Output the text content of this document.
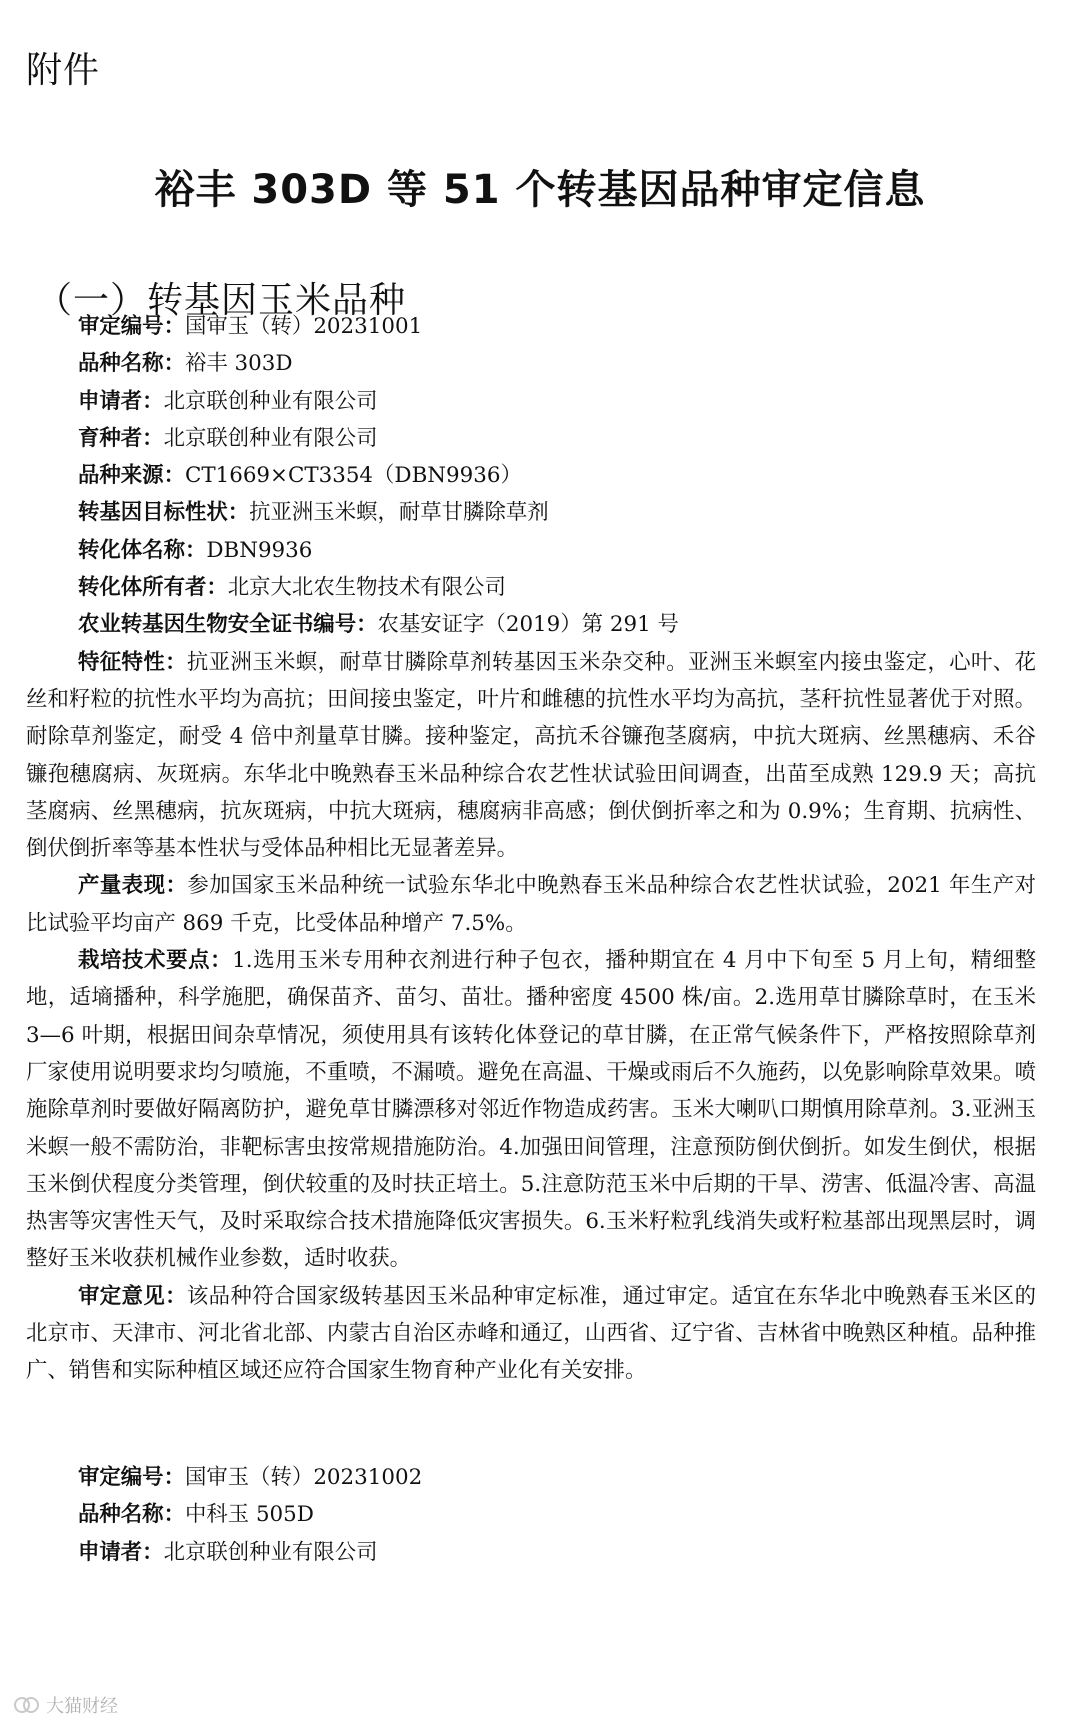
附件
裕丰 303D 等 51 个转基因品种审定信息
（一）转基因玉米品种
审定编号：国审玉（转）20231001
品种名称：裕丰 303D
申请者：北京联创种业有限公司
育种者：北京联创种业有限公司
品种来源：CT1669×CT3354（DBN9936）
转基因目标性状：抗亚洲玉米螟，耐草甘膦除草剂
转化体名称：DBN9936
转化体所有者：北京大北农生物技术有限公司
农业转基因生物安全证书编号：农基安证字（2019）第 291 号
特征特性：抗亚洲玉米螟，耐草甘膦除草剂转基因玉米杂交种。亚洲玉米螟室内接虫鉴定，心叶、花丝和籽粒的抗性水平均为高抗；田间接虫鉴定，叶片和雌穗的抗性水平均为高抗，茎秆抗性显著优于对照。耐除草剂鉴定，耐受 4 倍中剂量草甘膦。接种鉴定，高抗禾谷镰孢茎腐病，中抗大斑病、丝黑穗病、禾谷镰孢穗腐病、灰斑病。东华北中晚熟春玉米品种综合农艺性状试验田间调查，出苗至成熟 129.9 天；高抗茎腐病、丝黑穗病，抗灰斑病，中抗大斑病，穗腐病非高感；倒伏倒折率之和为 0.9%；生育期、抗病性、倒伏倒折率等基本性状与受体品种相比无显著差异。
产量表现：参加国家玉米品种统一试验东华北中晚熟春玉米品种综合农艺性状试验，2021 年生产对比试验平均亩产 869 千克，比受体品种增产 7.5%。
栽培技术要点：1.选用玉米专用种衣剂进行种子包衣，播种期宜在 4 月中下旬至 5 月上旬，精细整地，适墒播种，科学施肥，确保苗齐、苗匀、苗壮。播种密度 4500 株/亩。2.选用草甘膦除草时，在玉米 3—6 叶期，根据田间杂草情况，须使用具有该转化体登记的草甘膦，在正常气候条件下，严格按照除草剂厂家使用说明要求均匀喷施，不重喷，不漏喷。避免在高温、干燥或雨后不久施药，以免影响除草效果。喷施除草剂时要做好隔离防护，避免草甘膦漂移对邻近作物造成药害。玉米大喇叭口期慎用除草剂。3.亚洲玉米螟一般不需防治，非靶标害虫按常规措施防治。4.加强田间管理，注意预防倒伏倒折。如发生倒伏，根据玉米倒伏程度分类管理，倒伏较重的及时扶正培土。5.注意防范玉米中后期的干旱、涝害、低温冷害、高温热害等灾害性天气，及时采取综合技术措施降低灾害损失。6.玉米籽粒乳线消失或籽粒基部出现黑层时，调整好玉米收获机械作业参数，适时收获。
审定意见：该品种符合国家级转基因玉米品种审定标准，通过审定。适宜在东华北中晚熟春玉米区的北京市、天津市、河北省北部、内蒙古自治区赤峰和通辽，山西省、辽宁省、吉林省中晚熟区种植。品种推广、销售和实际种植区域还应符合国家生物育种产业化有关安排。
审定编号：国审玉（转）20231002
品种名称：中科玉 505D
申请者：北京联创种业有限公司
大猫财经
